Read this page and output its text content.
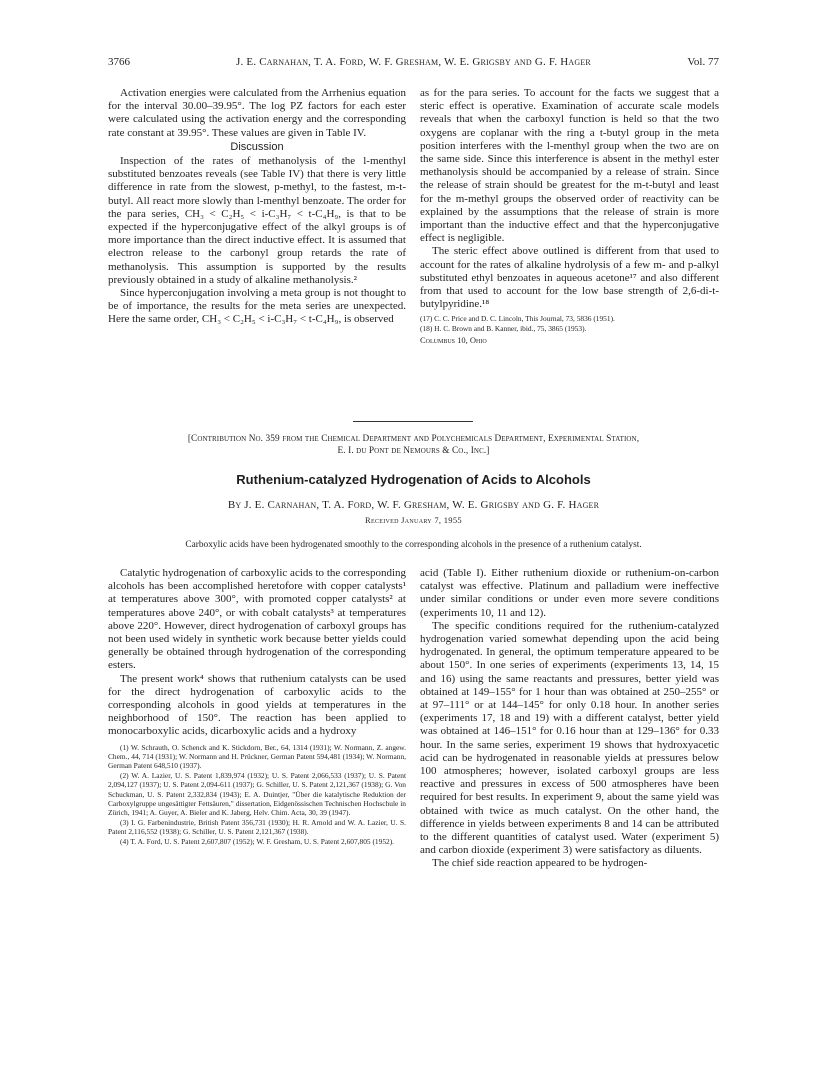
3766	J. E. Carnahan, T. A. Ford, W. F. Gresham, W. E. Grigsby and G. F. Hager	Vol. 77

Activation energies were calculated from the Arrhenius equation for the interval 30.00–39.95°. The log PZ factors for each ester were calculated using the activation energy and the corresponding rate constant at 39.95°. These values are given in Table IV.

Discussion

Inspection of the rates of methanolysis of the l-menthyl substituted benzoates reveals (see Table IV) that there is very little difference in rate from the slowest, p-methyl, to the fastest, m-t-butyl. All react more slowly than l-menthyl benzoate. The order for the para series, CH₃ < C₂H₅ < i-C₃H₇ < t-C₄H₉, is that to be expected if the hyperconjugative effect of the alkyl groups is of more importance than the direct inductive effect. It is assumed that electron release to the carbonyl group retards the rate of methanolysis. This assumption is supported by the results previously obtained in a study of alkaline methanolysis.²

Since hyperconjugation involving a meta group is not thought to be of importance, the results for the meta series are unexpected. Here the same order, CH₃ < C₂H₅ < i-C₃H₇ < t-C₄H₉, is observed

as for the para series. To account for the facts we suggest that a steric effect is operative. Examination of accurate scale models reveals that when the carboxyl function is held so that the two oxygens are coplanar with the ring a t-butyl group in the meta position interferes with the l-menthyl group when the two are on the same side. Since this interference is absent in the methyl ester methanolysis should be accompanied by a release of strain. Since the release of strain should be greatest for the m-t-butyl and least for the m-methyl groups the observed order of reactivity can be explained by the assumptions that the release of strain is more important than the inductive effect and that the hyperconjugative effect is negligible.

The steric effect above outlined is different from that used to account for the rates of alkaline hydrolysis of a few m- and p-alkyl substituted ethyl benzoates in aqueous acetone¹⁷ and also different from that used to account for the low base strength of 2,6-di-t-butylpyridine.¹⁸

(17) C. C. Price and D. C. Lincoln, This Journal, 73, 5836 (1951).

(18) H. C. Brown and B. Kanner, ibid., 75, 3865 (1953).

Columbus 10, Ohio
[Contribution No. 359 from the Chemical Department and Polychemicals Department, Experimental Station,
E. I. du Pont de Nemours & Co., Inc.]
Ruthenium-catalyzed Hydrogenation of Acids to Alcohols
By J. E. Carnahan, T. A. Ford, W. F. Gresham, W. E. Grigsby and G. F. Hager
Received January 7, 1955
Carboxylic acids have been hydrogenated smoothly to the corresponding alcohols in the presence of a ruthenium catalyst.

Catalytic hydrogenation of carboxylic acids to the corresponding alcohols has been accomplished heretofore with copper catalysts¹ at temperatures above 300°, with promoted copper catalysts² at temperatures above 240°, or with cobalt catalysts³ at temperatures above 220°. However, direct hydrogenation of carboxyl groups has not been used widely in synthetic work because better yields could generally be obtained through hydrogenation of the corresponding esters.

The present work⁴ shows that ruthenium catalysts can be used for the direct hydrogenation of carboxylic acids to the corresponding alcohols in good yields at temperatures in the neighborhood of 150°. The reaction has been applied to monocarboxylic acids, dicarboxylic acids and a hydroxy

(1) W. Schrauth, O. Schenck and K. Stickdorn, Ber., 64, 1314 (1931); W. Normann, Z. angew. Chem., 44, 714 (1931); W. Normann and H. Prückner, German Patent 594,481 (1934); W. Normann, German Patent 648,510 (1937).

(2) W. A. Lazier, U. S. Patent 1,839,974 (1932); U. S. Patent 2,066,533 (1937); U. S. Patent 2,094,127 (1937); U. S. Patent 2,094-611 (1937); G. Schiller, U. S. Patent 2,121,367 (1938); G. Von Schuckman, U. S. Patent 2,332,834 (1943); E. A. Duintjer, "Über die katalytische Reduktion der Carboxylgruppe ungesättigter Fettsäuren," dissertation, Eidgenössischen Technischen Hochschule in Zürich, 1941; A. Guyer, A. Bieler and K. Jaberg, Helv. Chim. Acta, 30, 39 (1947).

(3) I. G. Farbenindustrie, British Patent 356,731 (1930); H. R. Arnold and W. A. Lazier, U. S. Patent 2,116,552 (1938); G. Schiller, U. S. Patent 2,121,367 (1938).

(4) T. A. Ford, U. S. Patent 2,607,807 (1952); W. F. Gresham, U. S. Patent 2,607,805 (1952).

acid (Table I). Either ruthenium dioxide or ruthenium-on-carbon catalyst was effective. Platinum and palladium were ineffective under similar conditions or under even more severe conditions (experiments 10, 11 and 12).

The specific conditions required for the ruthenium-catalyzed hydrogenation varied somewhat depending upon the acid being hydrogenated. In general, the optimum temperature appeared to be about 150°. In one series of experiments (experiments 13, 14, 15 and 16) using the same reactants and pressures, better yield was obtained at 149–155° for 1 hour than was obtained at 250–255° or at 97–111° or at 144–145° for only 0.18 hour. In another series (experiments 17, 18 and 19) with a different catalyst, better yield was obtained at 146–151° for 0.16 hour than at 129–136° for 0.33 hour. In the same series, experiment 19 shows that hydroxyacetic acid can be hydrogenated in reasonable yields at pressures below 100 atmospheres; however, isolated carboxyl groups are less reactive and pressures in excess of 500 atmospheres have been required for best results. In experiment 9, about the same yield was obtained with twice as much catalyst. On the other hand, the difference in yields between experiments 8 and 14 can be attributed to the different quantities of catalyst used. Water (experiment 5) and carbon dioxide (experiment 3) were satisfactory as diluents.

The chief side reaction appeared to be hydrogen-
